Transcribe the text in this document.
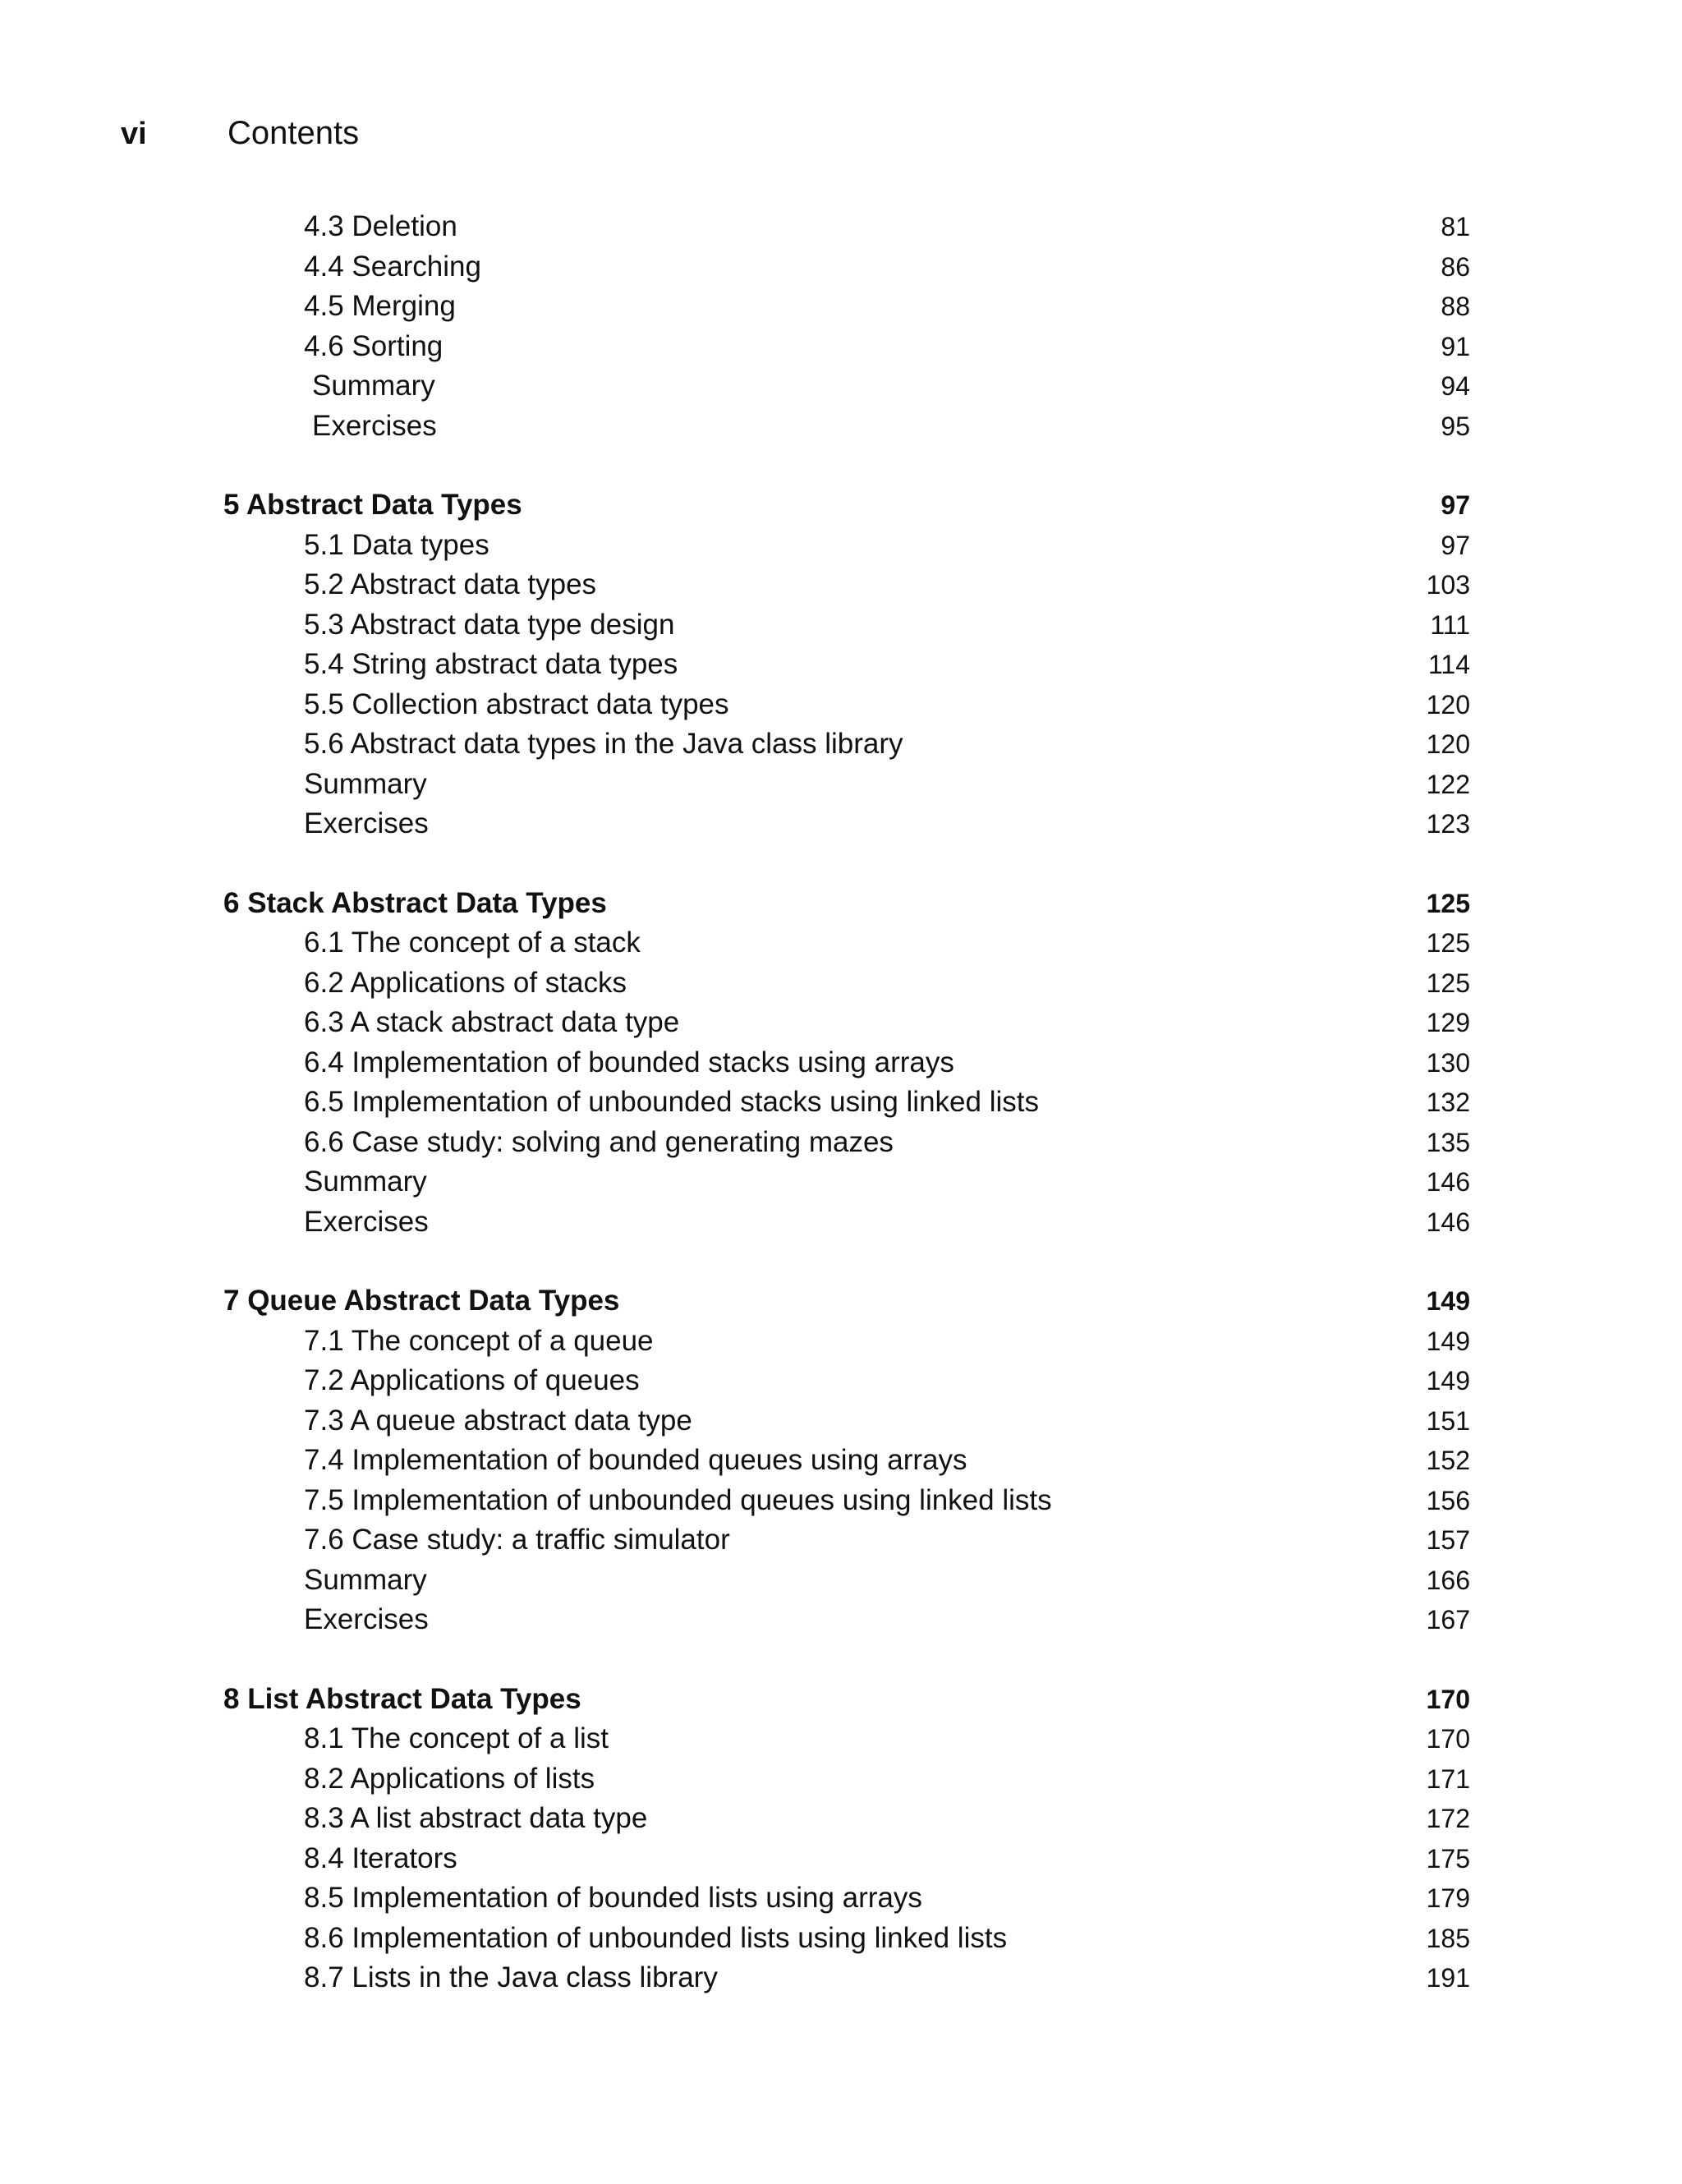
vi	Contents
4.3 Deletion	81
4.4 Searching	86
4.5 Merging	88
4.6 Sorting	91
Summary	94
Exercises	95
5 Abstract Data Types	97
5.1 Data types	97
5.2 Abstract data types	103
5.3 Abstract data type design	111
5.4 String abstract data types	114
5.5 Collection abstract data types	120
5.6 Abstract data types in the Java class library	120
Summary	122
Exercises	123
6 Stack Abstract Data Types	125
6.1 The concept of a stack	125
6.2 Applications of stacks	125
6.3 A stack abstract data type	129
6.4 Implementation of bounded stacks using arrays	130
6.5 Implementation of unbounded stacks using linked lists	132
6.6 Case study: solving and generating mazes	135
Summary	146
Exercises	146
7 Queue Abstract Data Types	149
7.1 The concept of a queue	149
7.2 Applications of queues	149
7.3 A queue abstract data type	151
7.4 Implementation of bounded queues using arrays	152
7.5 Implementation of unbounded queues using linked lists	156
7.6 Case study: a traffic simulator	157
Summary	166
Exercises	167
8 List Abstract Data Types	170
8.1 The concept of a list	170
8.2 Applications of lists	171
8.3 A list abstract data type	172
8.4 Iterators	175
8.5 Implementation of bounded lists using arrays	179
8.6 Implementation of unbounded lists using linked lists	185
8.7 Lists in the Java class library	191
